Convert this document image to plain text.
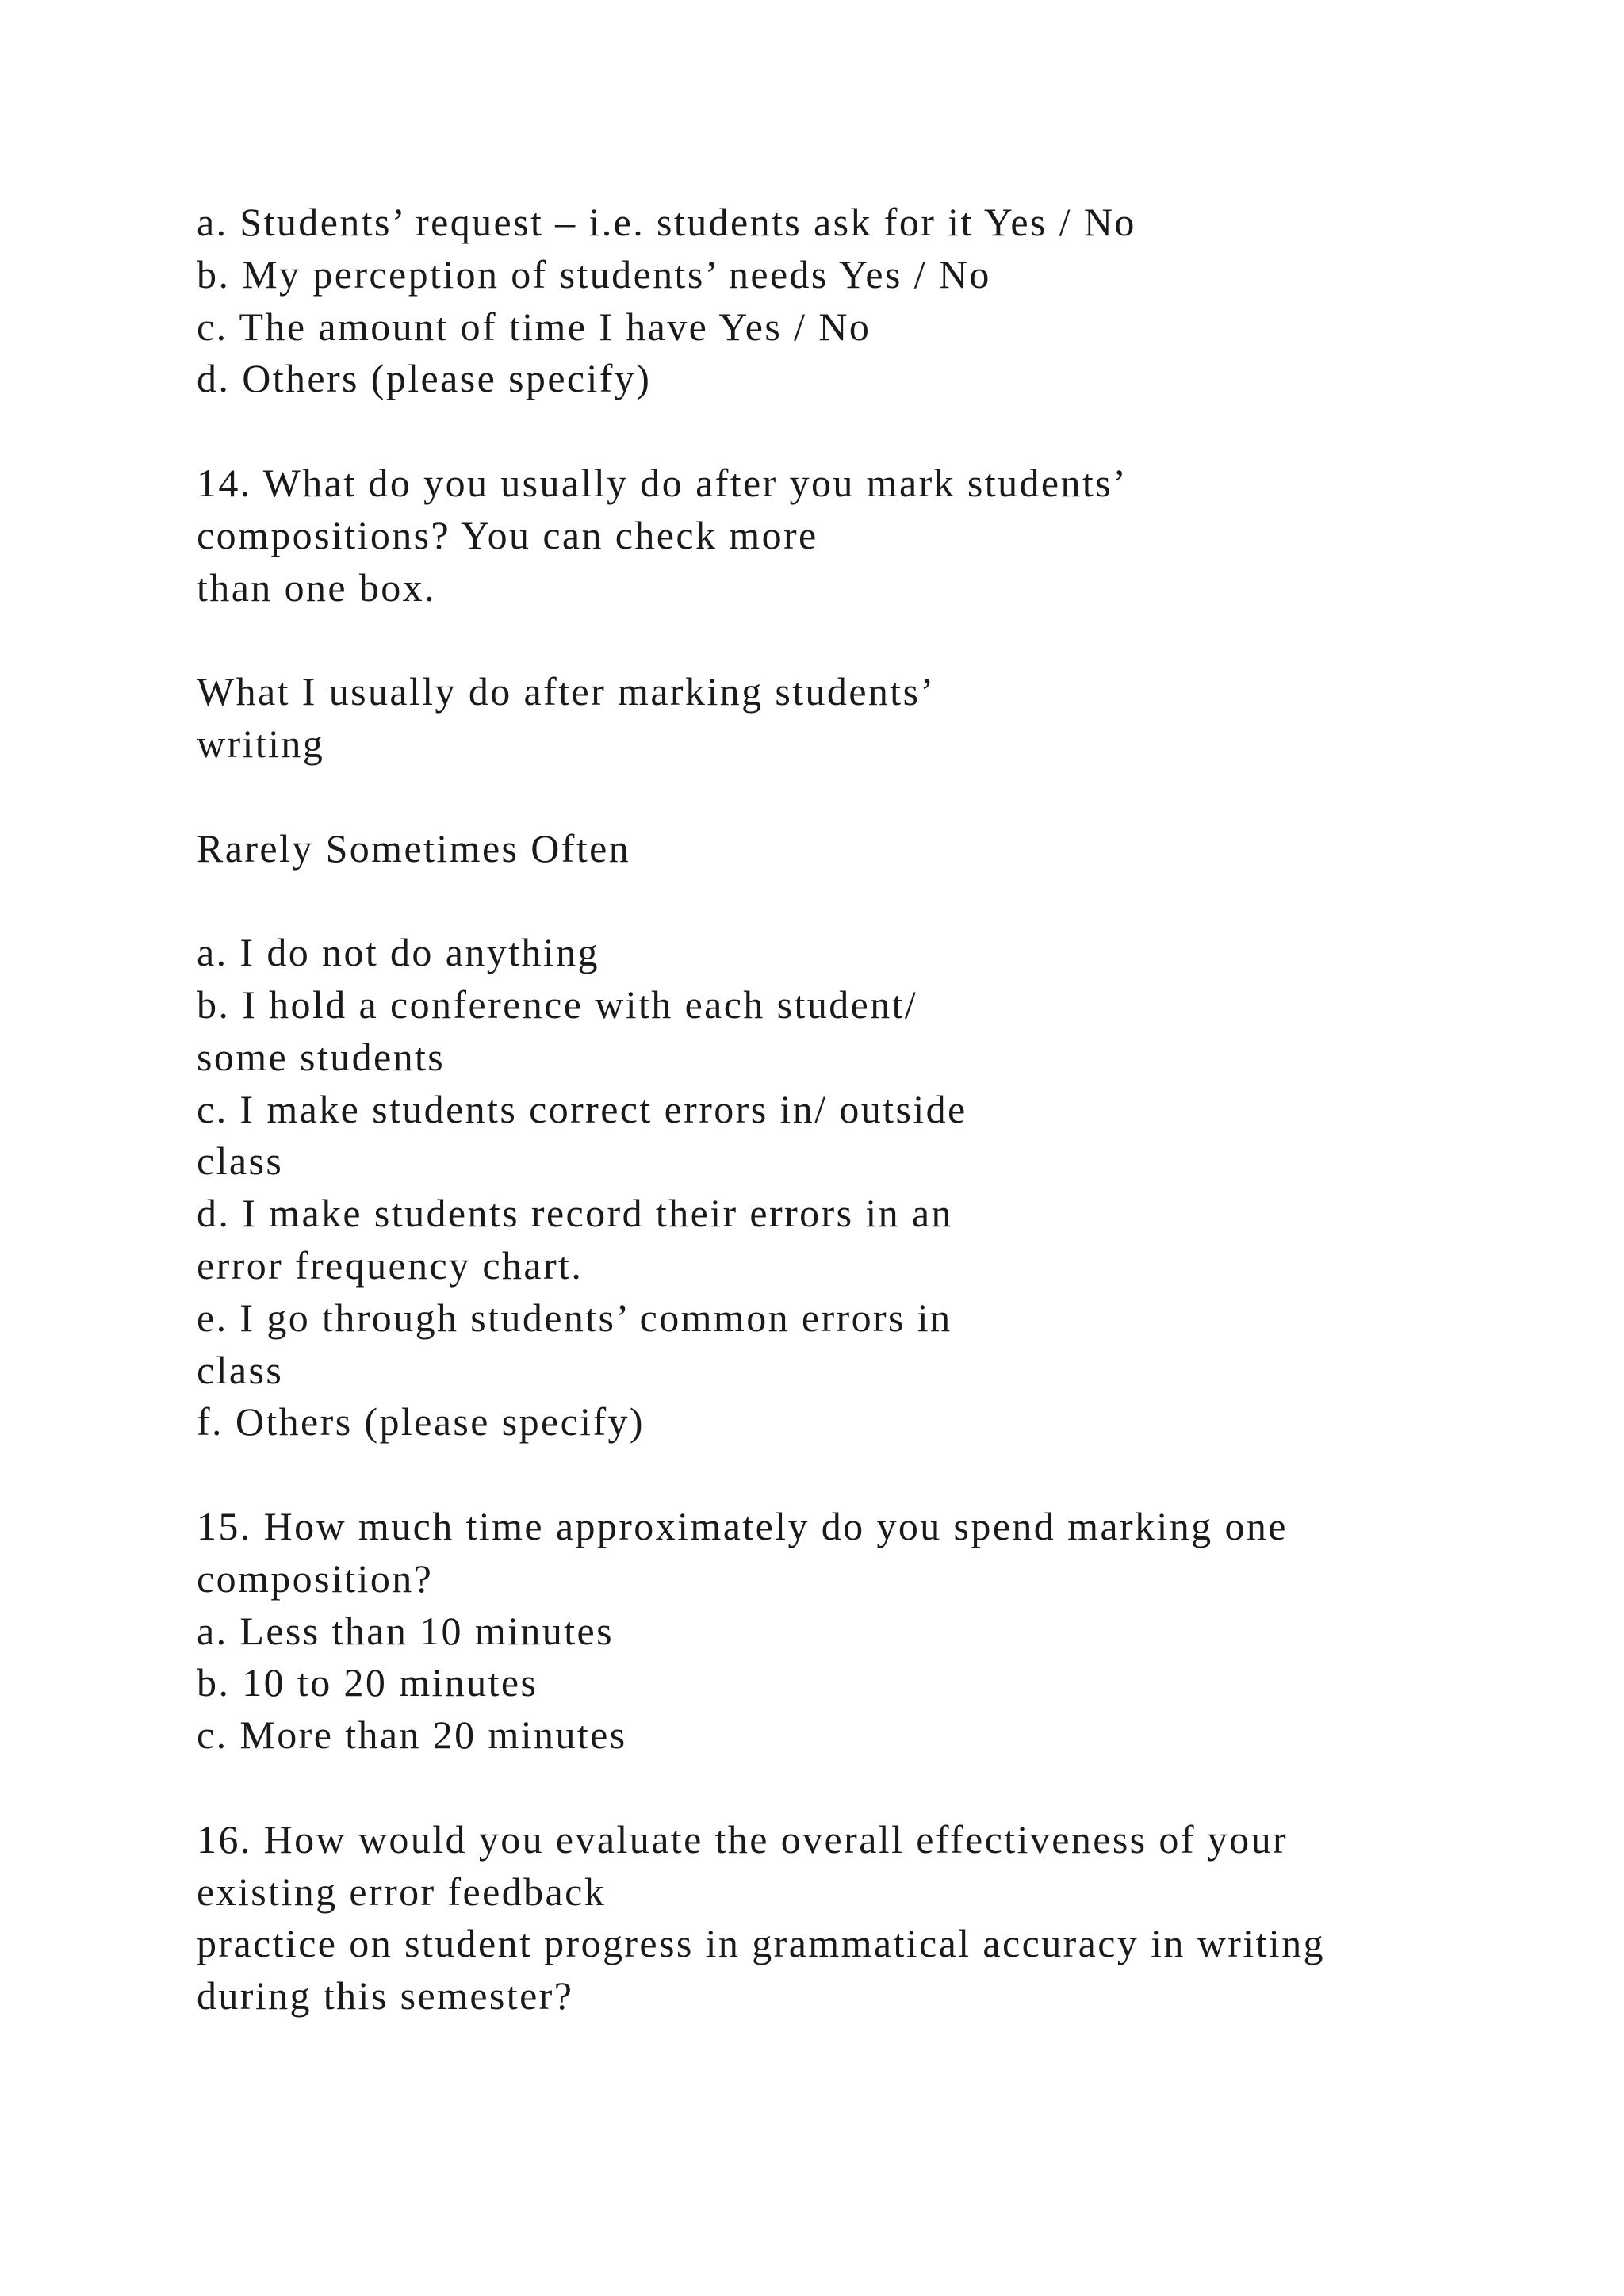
a. Students’ request – i.e. students ask for it Yes / No
b. My perception of students’ needs Yes / No
c. The amount of time I have Yes / No
d. Others (please specify)
14. What do you usually do after you mark students’
compositions? You can check more
than one box.
What I usually do after marking students’
writing
Rarely Sometimes Often
a. I do not do anything
b. I hold a conference with each student/
some students
c. I make students correct errors in/ outside
class
d. I make students record their errors in an
error frequency chart.
e. I go through students’ common errors in
class
f. Others (please specify)
15. How much time approximately do you spend marking one
composition?
a. Less than 10 minutes
b. 10 to 20 minutes
c. More than 20 minutes
16. How would you evaluate the overall effectiveness of your
existing error feedback
practice on student progress in grammatical accuracy in writing
during this semester?
